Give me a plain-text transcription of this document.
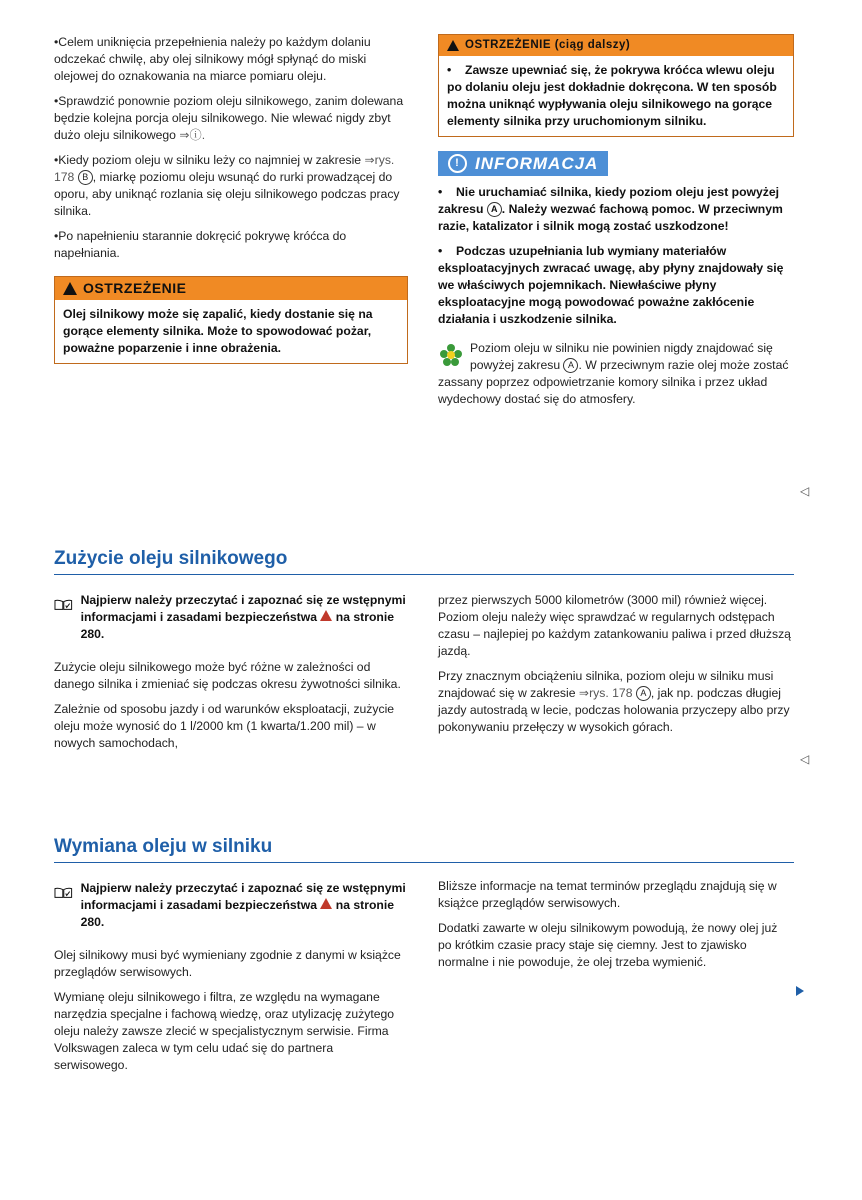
•Celem uniknięcia przepełnienia należy po każdym dolaniu odczekać chwilę, aby olej silnikowy mógł spłynąć do miski olejowej do oznakowania na miarce pomiaru oleju.

•Sprawdzić ponownie poziom oleju silnikowego, zanim dolewana będzie kolejna porcja oleju silnikowego. Nie wlewać nigdy zbyt dużo oleju silnikowego ⇒ⓘ.

•Kiedy poziom oleju w silniku leży co najmniej w zakresie ⇒rys. 178 B , miarkę poziomu oleju wsunąć do rurki prowadzącej do oporu, aby uniknąć rozlania się oleju silnikowego podczas pracy silnika.

•Po napełnieniu starannie dokręcić pokrywę króćca do napełniania.

OSTRZEŻENIE
Olej silnikowy może się zapalić, kiedy dostanie się na gorące elementy silnika. Może to spowodować pożar, poważne poparzenie i inne obrażenia.
OSTRZEŻENIE (ciąg dalszy)
• Zawsze upewniać się, że pokrywa króćca wlewu oleju po dolaniu oleju jest dokładnie dokręcona. W ten sposób można uniknąć wypływania oleju silnikowego na gorące elementy silnika przy uruchomionym silniku.
! INFORMACJA

• Nie uruchamiać silnika, kiedy poziom oleju jest powyżej zakresu A . Należy wezwać fachową pomoc. W przeciwnym razie, katalizator i silnik mogą zostać uszkodzone!

• Podczas uzupełniania lub wymiany materiałów eksploatacyjnych zwracać uwagę, aby płyny znajdowały się we właściwych pojemnikach. Niewłaściwe płyny eksploatacyjne mogą powodować poważne zakłócenie działania i uszkodzenie silnika.

Poziom oleju w silniku nie powinien nigdy znajdować się powyżej zakresu A . W przeciwnym razie olej może zostać zassany poprzez odpowietrzanie komory silnika i przez układ wydechowy dostać się do atmosfery.
◁
Zużycie oleju silnikowego
Najpierw należy przeczytać i zapoznać się ze wstępnymi informacjami i zasadami bezpieczeństwa na stronie 280.

Zużycie oleju silnikowego może być różne w zależności od danego silnika i zmieniać się podczas okresu żywotności silnika.

Zależnie od sposobu jazdy i od warunków eksploatacji, zużycie oleju może wynosić do 1 l/2000 km (1 kwarta/1.200 mil) – w nowych samochodach,

przez pierwszych 5000 kilometrów (3000 mil) również więcej. Poziom oleju należy więc sprawdzać w regularnych odstępach czasu – najlepiej po każdym zatankowaniu paliwa i przed dłuższą jazdą.

Przy znacznym obciążeniu silnika, poziom oleju w silniku musi znajdować się w zakresie ⇒rys. 178 A , jak np. podczas długiej jazdy autostradą w lecie, podczas holowania przyczepy albo przy pokonywaniu przełęczy w wysokich górach.

◁
Wymiana oleju w silniku
Najpierw należy przeczytać i zapoznać się ze wstępnymi informacjami i zasadami bezpieczeństwa na stronie 280.

Olej silnikowy musi być wymieniany zgodnie z danymi w książce przeglądów serwisowych.

Wymianę oleju silnikowego i filtra, ze względu na wymagane narzędzia specjalne i fachową wiedzę, oraz utylizację zużytego oleju należy zawsze zlecić w specjalistycznym serwisie. Firma Volkswagen zaleca w tym celu udać się do partnera serwisowego.

Bliższe informacje na temat terminów przeglądu znajdują się w książce przeglądów serwisowych.

Dodatki zawarte w oleju silnikowym powodują, że nowy olej już po krótkim czasie pracy staje się ciemny. Jest to zjawisko normalne i nie powoduje, że olej trzeba wymienić.
